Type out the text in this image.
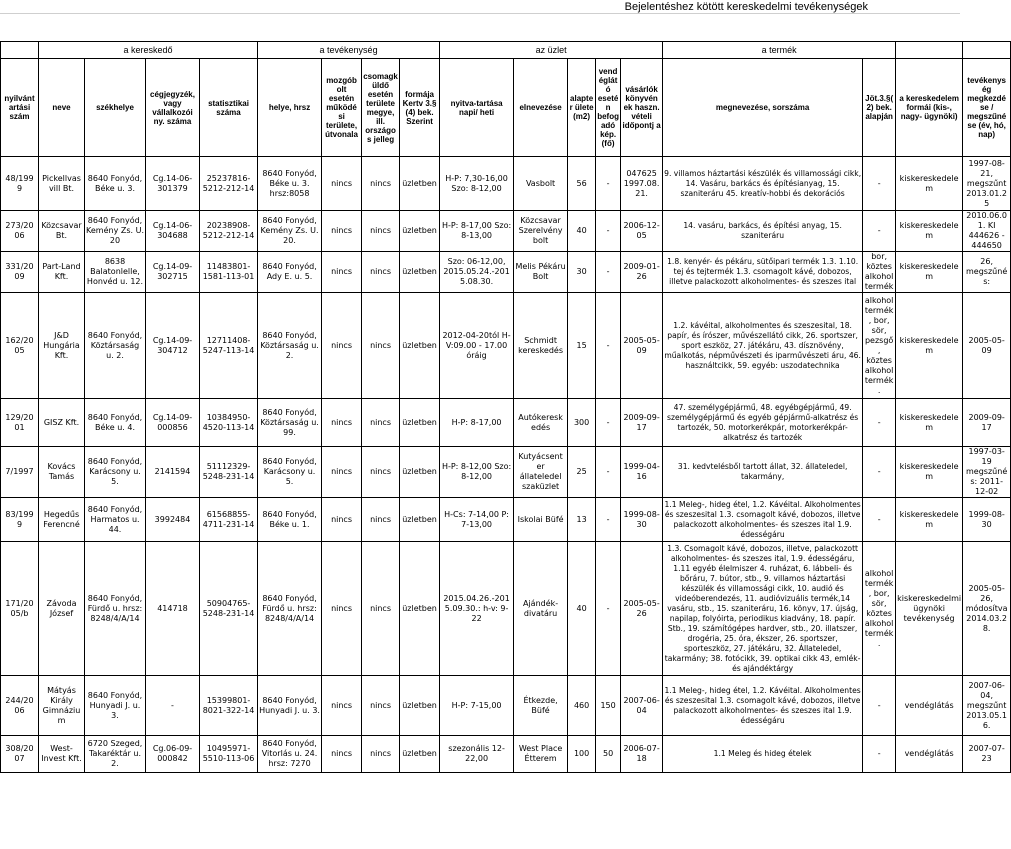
Bejelentéshez kötött kereskedelmi tevékenységek
	a kereskedő				a tevékenység				az üzlet					a termék			
nyilvánt artási szám	neve	székhelye	cégjegyzék, vagy vállalkozói ny. száma	statisztikai száma	helye, hrsz	mozgób olt esetén működé si területe, útvonala	csomagk üldő esetén területe megye, ill. országos jelleg	formája Kertv 3.§ (4) bek. Szerint	nyitva-tartása napi/ heti	elnevezése	alapter ülete (m2)	vend églát ó eseté n befog adó kép. (fő)	vásárlók könyvén ek haszn. vételi időpontj a	megnevezése, sorszáma	Jöt.3.§( 2) bek. alapján	a kereskedelem formái (kis-, nagy- ügynöki)	tevékenys ég megkezdé se / megszűné se (év, hó, nap)
48/199 9	Pickellvasvill Bt.	8640 Fonyód, Béke u. 3.	Cg.14-06-301379	25237816-5212-212-14	8640 Fonyód, Béke u. 3. hrsz:8058	nincs	nincs	üzletben	H-P: 7,30-16,00 Szo: 8-12,00	Vasbolt	56	-	047625 1997.08. 21.	9. villamos háztartási készülék és villamossági cikk, 14. Vasáru, barkács és építésianyag, 15. szaniteráru 45. kreatív-hobbi és dekorációs	-	kiskereskedelem	1997-08-21, megszűnt 2013.01.25
273/20 06	Közcsavar Bt.	8640 Fonyód, Kemény Zs. U. 20	Cg.14-06-304688	20238908-5212-212-14	8640 Fonyód, Kemény Zs. U. 20.	nincs	nincs	üzletben	H-P: 8-17,00 Szo: 8-13,00	Közcsavar Szerelvény bolt	40	-	2006-12-05	14. vasáru, barkács, és építési anyag, 15. szaniteráru	-	kiskereskedelem	2010.06.01. KI 444626 - 444650
331/20 09	Part-Land Kft.	8638 Balatonlelle, Honvéd u. 12.	Cg.14-09-302715	11483801-1581-113-01	8640 Fonyód, Ady E. u. 5.	nincs	nincs	üzletben	Szo: 06-12,00, 2015.05.24.-2015.08.30.	Melis Pékáru Bolt	30	-	2009-01-26	1.8. kenyér- és pékáru, sütőipari termék 1.3. 1.10. tej és tejtermék 1.3. csomagolt kávé, dobozos, illetve palackozott alkoholmentes- és szeszes ital	bor, köztes alkohol termék	kiskereskedelem	26, megszűnés:
162/20 05	J&D Hungária Kft.	8640 Fonyód, Köztársaság u. 2.	Cg.14-09-304712	12711408-5247-113-14	8640 Fonyód, Köztársaság u. 2.	nincs	nincs	üzletben	2012-04-20tól H-V:09.00 - 17.00 óráig	Schmidt kereskedés	15	-	2005-05-09	1.2. kávéital, alkoholmentes és szeszesital, 18. papír, és írószer, művészellátó cikk, 26. sportszer, sport eszköz, 27. játékáru, 43. dísznövény, műalkotás, népművészeti és iparművészeti áru, 46. használtcikk, 59. egyéb: uszodatechnika	alkohol termék, bor, sör, pezsgő, köztes alkohol termék.	kiskereskedelem	2005-05-09
129/20 01	GISZ Kft.	8640 Fonyód, Béke u. 4.	Cg.14-09-000856	10384950-4520-113-14	8640 Fonyód, Köztársaság u. 99.	nincs	nincs	üzletben	H-P: 8-17,00	Autókeresk edés	300	-	2009-09-17	47. személygépjármű, 48. egyébgépjármű, 49. személygépjármű és egyéb gépjármű-alkatrész és tartozék, 50. motorkerékpár, motorkerékpár-alkatrész és tartozék	-	kiskereskedelem	2009-09-17
7/1997	Kovács Tamás	8640 Fonyód, Karácsony u. 5.	2141594	51112329-5248-231-14	8640 Fonyód, Karácsony u. 5.	nincs	nincs	üzletben	H-P: 8-12,00 Szo: 8-12,00	Kutyácsent er állateledel szaküzlet	25	-	1999-04-16	31. kedvtelésből tartott állat, 32. állateledel, takarmány,	-	kiskereskedelem	1997-03-19 megszűnés: 2011-12-02
83/199 9	Hegedűs Ferencné	8640 Fonyód, Harmatos u. 44.	3992484	61568855-4711-231-14	8640 Fonyód, Béke u. 1.	nincs	nincs	üzletben	H-Cs: 7-14,00 P: 7-13,00	Iskolai Büfé	13	-	1999-08-30	1.1 Meleg-, hideg étel, 1.2. Kávéital. Alkoholmentes és szeszesital 1.3. csomagolt kávé, dobozos, illetve palackozott alkoholmentes- és szeszes ital 1.9. édességáru	-	kiskereskedelem	1999-08-30
171/20 05/b	Závoda József	8640 Fonyód, Fürdő u. hrsz: 8248/4/A/14	414718	50904765-5248-231-14	8640 Fonyód, Fürdő u. hrsz: 8248/4/A/14	nincs	nincs	üzletben	2015.04.26.-2015.09.30.: h-v: 9-22	Ajándék-divatáru	40	-	2005-05-26	1.3. Csomagolt kávé, dobozos, illetve, palackozott alkoholmentes- és szeszes ital, 1.9. édességáru, 1.11 egyéb élelmiszer 4. ruházat, 6. lábbeli- és bőráru, 7. bútor, stb., 9. villamos háztartási készülék és villamossági cikk, 10. audió és videóberendezés, 11. audióvizuális termék,14 vasáru, stb., 15. szaniteráru, 16. könyv, 17. újság, napilap, folyóirta, periodikus kiadvány, 18. papír. Stb., 19. számítógépes hardver, stb., 20. illatszer, drogéria, 25. óra, ékszer, 26. sportszer, sporteszköz, 27. játékáru, 32. Állateledel, takarmány; 38. fotócikk, 39. optikai cikk 43, emlék- és ajándéktárgy	alkohol termék, bor, sör, köztes alkohol termék.	kiskereskedelmi ügynöki tevékenység	2005-05-26, módosítva 2014.03.28.
244/20 06	Mátyás Király Gimnázium	8640 Fonyód, Hunyadi J. u. 3.	-	15399801-8021-322-14	8640 Fonyód, Hunyadi J. u. 3.	nincs	nincs	üzletben	H-P: 7-15,00	Étkezde, Büfé	460	150	2007-06-04	1.1 Meleg-, hideg étel, 1.2. Kávéital. Alkoholmentes és szeszesital 1.3. csomagolt kávé, dobozos, illetve palackozott alkoholmentes- és szeszes ital 1.9. édességáru	-	vendéglátás	2007-06-04, megszűnt 2013.05.16.
308/20 07	West-Invest Kft.	6720 Szeged, Takaréktár u. 2.	Cg.06-09-000842	10495971-5510-113-06	8640 Fonyód, Vitorlás u. 24. hrsz: 7270	nincs	nincs	üzletben	szezonális 12-22,00	West Place Étterem	100	50	2006-07-18	1.1 Meleg és hideg ételek	-	vendéglátás	2007-07-23
